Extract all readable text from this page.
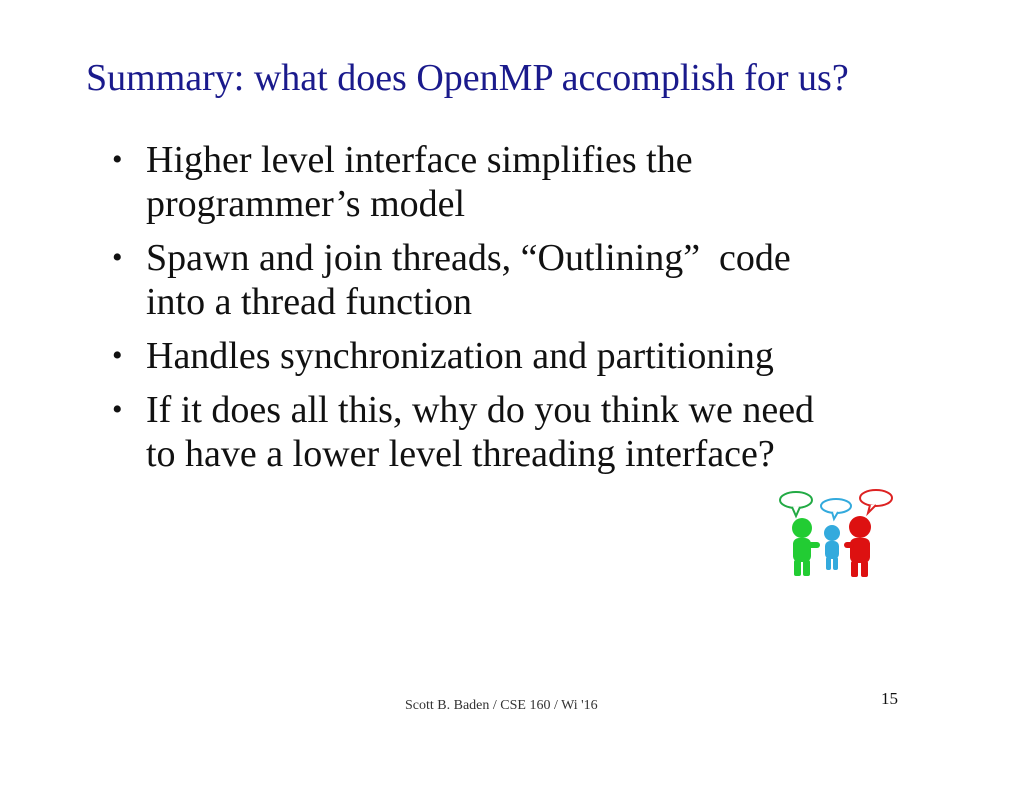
Summary: what does OpenMP accomplish for us?
• Higher level interface simplifies the
programmer’s model
• Spawn and join threads, “Outlining”  code
into a thread function
• Handles synchronization and partitioning
• If it does all this, why do you think we need
to have a lower level threading interface?
Scott B. Baden / CSE 160 / Wi '16	15
